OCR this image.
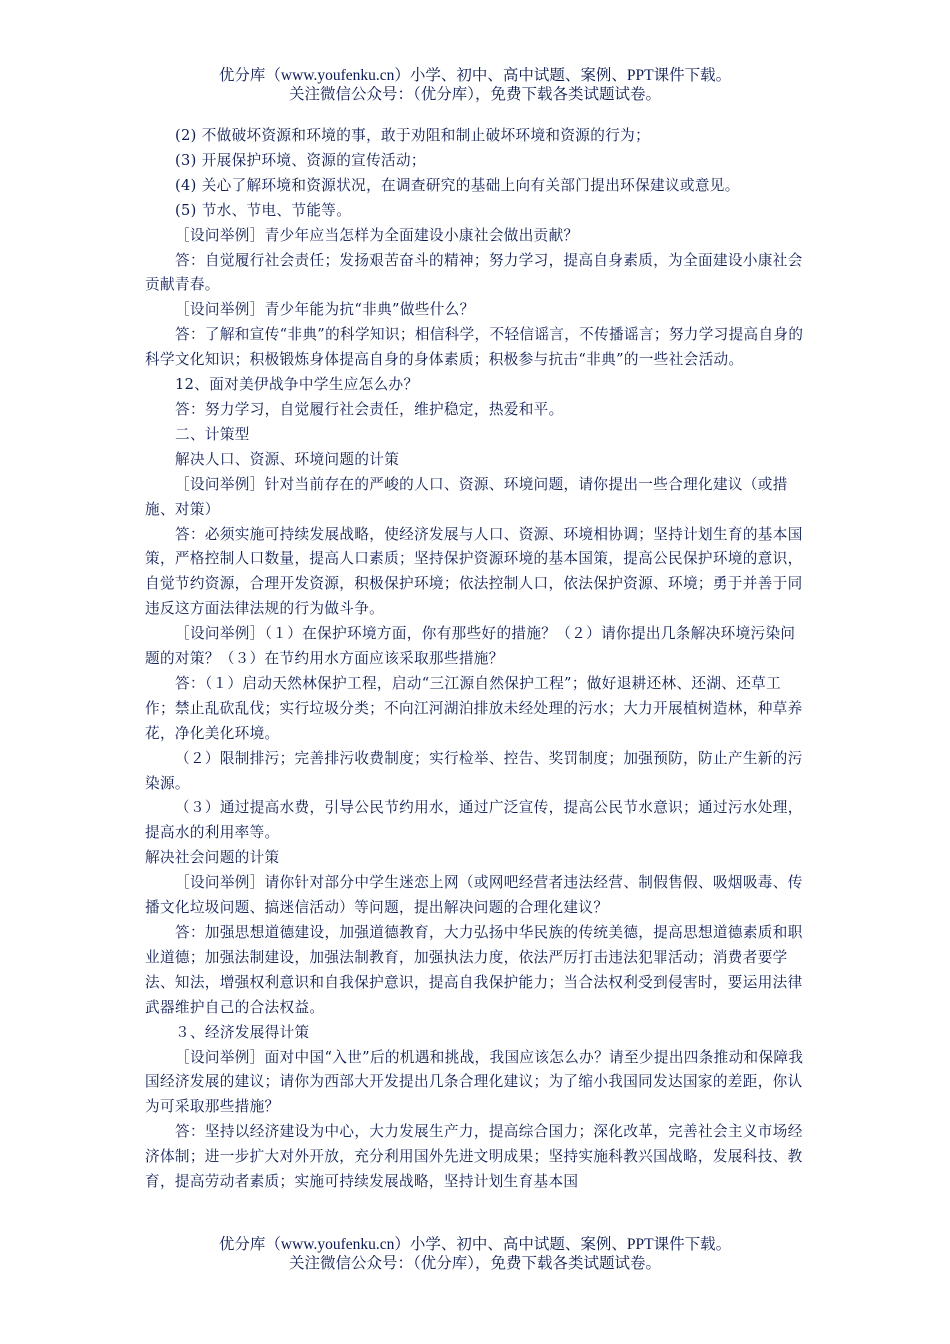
优分库（www.youfenku.cn）小学、初中、高中试题、案例、PPT课件下载。
关注微信公众号：（优分库），免费下载各类试题试卷。

(2) 不做破坏资源和环境的事，敢于劝阻和制止破坏环境和资源的行为；

(3) 开展保护环境、资源的宣传活动；

(4) 关心了解环境和资源状况，在调查研究的基础上向有关部门提出环保建议或意见。

(5) 节水、节电、节能等。

［设问举例］青少年应当怎样为全面建设小康社会做出贡献？

答：自觉履行社会责任；发扬艰苦奋斗的精神；努力学习，提高自身素质，为全面建设小康社会贡献青春。

［设问举例］青少年能为抗“非典”做些什么？

答：了解和宣传“非典”的科学知识；相信科学，不轻信谣言，不传播谣言；努力学习提高自身的科学文化知识；积极锻炼身体提高自身的身体素质；积极参与抗击“非典”的一些社会活动。

12、面对美伊战争中学生应怎么办？

答：努力学习，自觉履行社会责任，维护稳定，热爱和平。

二、计策型

解决人口、资源、环境问题的计策

［设问举例］针对当前存在的严峻的人口、资源、环境问题，请你提出一些合理化建议（或措施、对策）

答：必须实施可持续发展战略，使经济发展与人口、资源、环境相协调；坚持计划生育的基本国策，严格控制人口数量，提高人口素质；坚持保护资源环境的基本国策，提高公民保护环境的意识，自觉节约资源，合理开发资源，积极保护环境；依法控制人口，依法保护资源、环境；勇于并善于同违反这方面法律法规的行为做斗争。

［设问举例］（１）在保护环境方面，你有那些好的措施？（２）请你提出几条解决环境污染问题的对策？（３）在节约用水方面应该采取那些措施？

答：（１）启动天然林保护工程，启动“三江源自然保护工程”；做好退耕还林、还湖、还草工作；禁止乱砍乱伐；实行垃圾分类；不向江河湖泊排放未经处理的污水；大力开展植树造林，种草养花，净化美化环境。

（２）限制排污；完善排污收费制度；实行检举、控告、奖罚制度；加强预防，防止产生新的污染源。

（３）通过提高水费，引导公民节约用水，通过广泛宣传，提高公民节水意识；通过污水处理，提高水的利用率等。

解决社会问题的计策

［设问举例］请你针对部分中学生迷恋上网（或网吧经营者违法经营、制假售假、吸烟吸毒、传播文化垃圾问题、搞迷信活动）等问题，提出解决问题的合理化建议？

答：加强思想道德建设，加强道德教育，大力弘扬中华民族的传统美德，提高思想道德素质和职业道德；加强法制建设，加强法制教育，加强执法力度，依法严厉打击违法犯罪活动；消费者要学法、知法，增强权利意识和自我保护意识，提高自我保护能力；当合法权利受到侵害时，要运用法律武器维护自己的合法权益。

３、经济发展得计策

［设问举例］面对中国“入世”后的机遇和挑战，我国应该怎么办？请至少提出四条推动和保障我国经济发展的建议；请你为西部大开发提出几条合理化建议；为了缩小我国同发达国家的差距，你认为可采取那些措施？

答：坚持以经济建设为中心，大力发展生产力，提高综合国力；深化改革，完善社会主义市场经济体制；进一步扩大对外开放，充分利用国外先进文明成果；坚持实施科教兴国战略，发展科技、教育，提高劳动者素质；实施可持续发展战略，坚持计划生育基本国

优分库（www.youfenku.cn）小学、初中、高中试题、案例、PPT课件下载。
关注微信公众号：（优分库），免费下载各类试题试卷。
